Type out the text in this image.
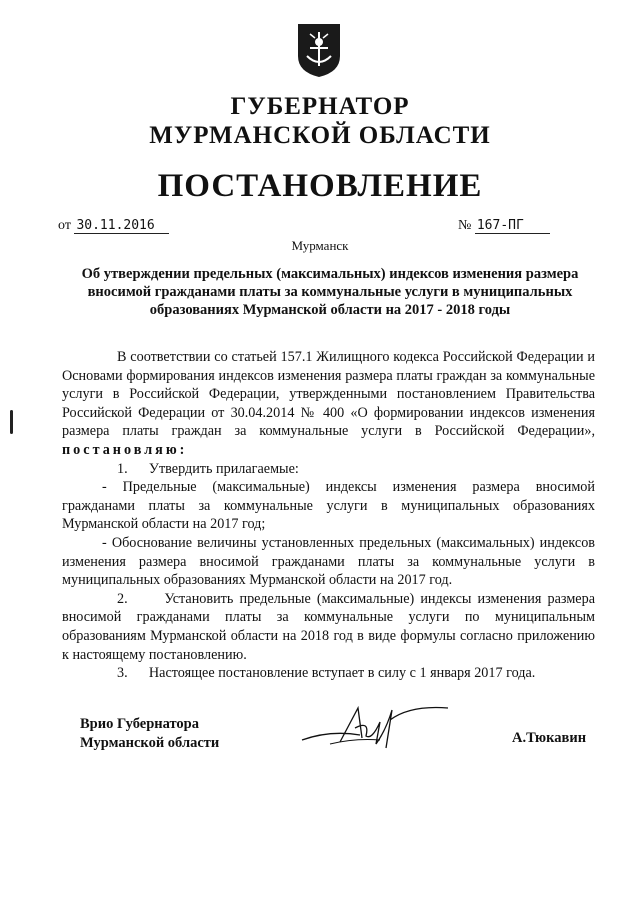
ГУБЕРНАТОР
МУРМАНСКОЙ ОБЛАСТИ
ПОСТАНОВЛЕНИЕ
от 30.11.2016	№ 167-ПГ
Мурманск
Об утверждении предельных (максимальных) индексов изменения размера вносимой гражданами платы за коммунальные услуги в муниципальных образованиях Мурманской области на 2017 - 2018 годы

В соответствии со статьей 157.1 Жилищного кодекса Российской Федерации и Основами формирования индексов изменения размера платы граждан за коммунальные услуги в Российской Федерации, утвержденными постановлением Правительства Российской Федерации от 30.04.2014 № 400 «О формировании индексов изменения размера платы граждан за коммунальные услуги в Российской Федерации», постановляю:

1. Утвердить прилагаемые:

- Предельные (максимальные) индексы изменения размера вносимой гражданами платы за коммунальные услуги в муниципальных образованиях Мурманской области на 2017 год;

- Обоснование величины установленных предельных (максимальных) индексов изменения размера вносимой гражданами платы за коммунальные услуги в муниципальных образованиях Мурманской области на 2017 год.

2.	Установить предельные (максимальные) индексы изменения размера вносимой гражданами платы за коммунальные услуги по муниципальным образованиям Мурманской области на 2018 год в виде формулы согласно приложению к настоящему постановлению.

3. Настоящее постановление вступает в силу с 1 января 2017 года.

Врио Губернатора
Мурманской области	А.Тюкавин
